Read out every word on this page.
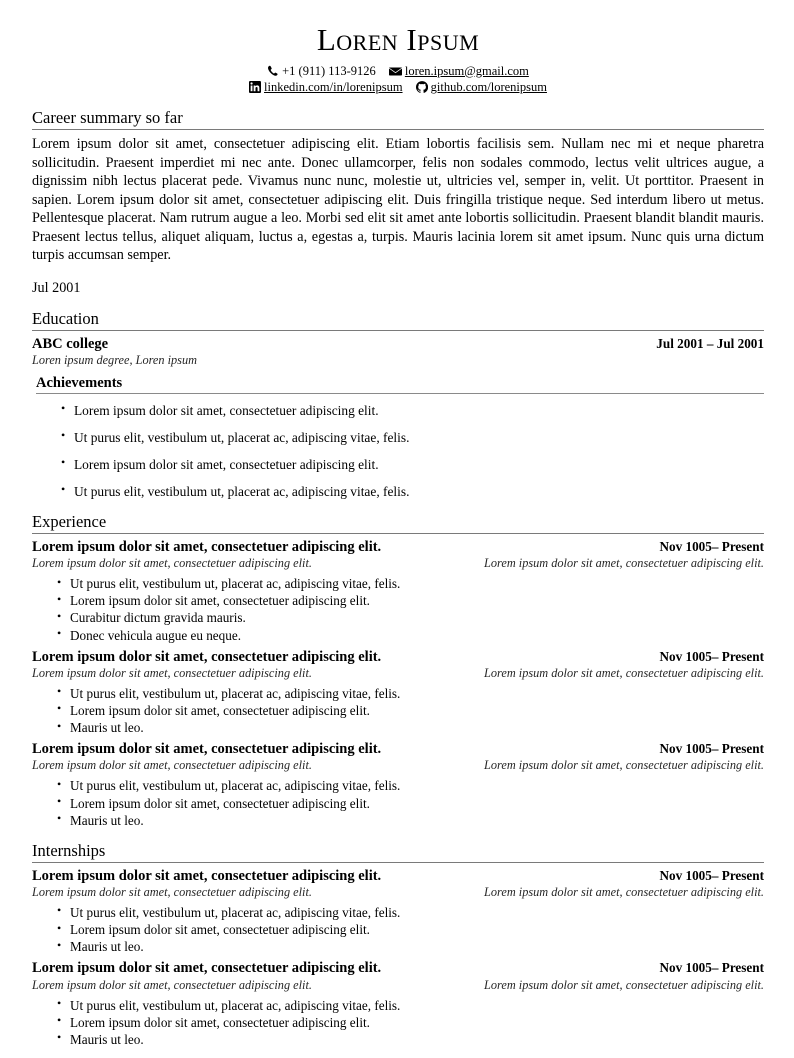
Loren Ipsum
+1 (911) 113-9126 loren.ipsum@gmail.com
linkedin.com/in/lorenipsum github.com/lorenipsum
Career summary so far

Lorem ipsum dolor sit amet, consectetuer adipiscing elit. Etiam lobortis facilisis sem. Nullam nec mi et neque pharetra sollicitudin. Praesent imperdiet mi nec ante. Donec ullamcorper, felis non sodales commodo, lectus velit ultrices augue, a dignissim nibh lectus placerat pede. Vivamus nunc nunc, molestie ut, ultricies vel, semper in, velit. Ut porttitor. Praesent in sapien. Lorem ipsum dolor sit amet, consectetuer adipiscing elit. Duis fringilla tristique neque. Sed interdum libero ut metus. Pellentesque placerat. Nam rutrum augue a leo. Morbi sed elit sit amet ante lobortis sollicitudin. Praesent blandit blandit mauris. Praesent lectus tellus, aliquet aliquam, luctus a, egestas a, turpis. Mauris lacinia lorem sit amet ipsum. Nunc quis urna dictum turpis accumsan semper.

Jul 2001
Education
ABC college	Jul 2001 – Jul 2001
Loren ipsum degree, Loren ipsum
Achievements
• Lorem ipsum dolor sit amet, consectetuer adipiscing elit.
• Ut purus elit, vestibulum ut, placerat ac, adipiscing vitae, felis.
• Lorem ipsum dolor sit amet, consectetuer adipiscing elit.
• Ut purus elit, vestibulum ut, placerat ac, adipiscing vitae, felis.
Experience
Lorem ipsum dolor sit amet, consectetuer adipiscing elit.	Nov 1005– Present
Lorem ipsum dolor sit amet, consectetuer adipiscing elit.	Lorem ipsum dolor sit amet, consectetuer adipiscing elit.
• Ut purus elit, vestibulum ut, placerat ac, adipiscing vitae, felis.
• Lorem ipsum dolor sit amet, consectetuer adipiscing elit.
• Curabitur dictum gravida mauris.
• Donec vehicula augue eu neque.
Lorem ipsum dolor sit amet, consectetuer adipiscing elit.	Nov 1005– Present
Lorem ipsum dolor sit amet, consectetuer adipiscing elit.	Lorem ipsum dolor sit amet, consectetuer adipiscing elit.
• Ut purus elit, vestibulum ut, placerat ac, adipiscing vitae, felis.
• Lorem ipsum dolor sit amet, consectetuer adipiscing elit.
• Mauris ut leo.
Lorem ipsum dolor sit amet, consectetuer adipiscing elit.	Nov 1005– Present
Lorem ipsum dolor sit amet, consectetuer adipiscing elit.	Lorem ipsum dolor sit amet, consectetuer adipiscing elit.
• Ut purus elit, vestibulum ut, placerat ac, adipiscing vitae, felis.
• Lorem ipsum dolor sit amet, consectetuer adipiscing elit.
• Mauris ut leo.
Internships
Lorem ipsum dolor sit amet, consectetuer adipiscing elit.	Nov 1005– Present
Lorem ipsum dolor sit amet, consectetuer adipiscing elit.	Lorem ipsum dolor sit amet, consectetuer adipiscing elit.
• Ut purus elit, vestibulum ut, placerat ac, adipiscing vitae, felis.
• Lorem ipsum dolor sit amet, consectetuer adipiscing elit.
• Mauris ut leo.
Lorem ipsum dolor sit amet, consectetuer adipiscing elit.	Nov 1005– Present
Lorem ipsum dolor sit amet, consectetuer adipiscing elit.	Lorem ipsum dolor sit amet, consectetuer adipiscing elit.
• Ut purus elit, vestibulum ut, placerat ac, adipiscing vitae, felis.
• Lorem ipsum dolor sit amet, consectetuer adipiscing elit.
• Mauris ut leo.
